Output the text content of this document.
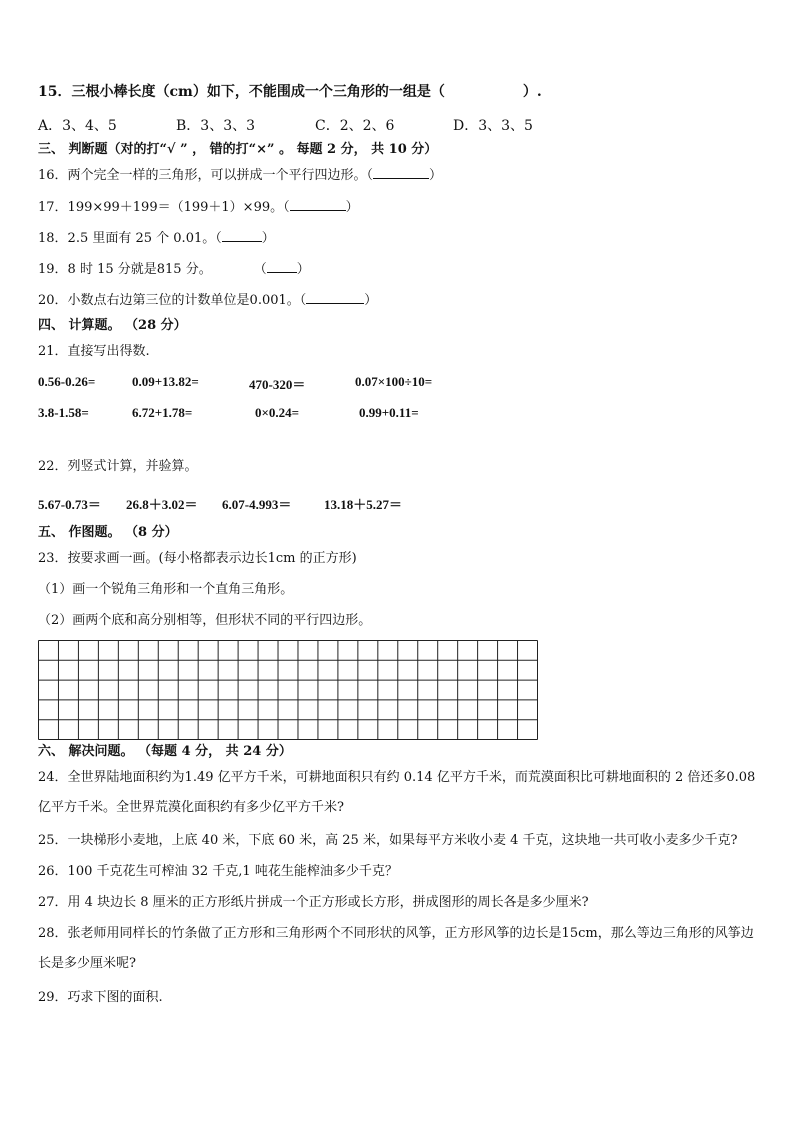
15．三根小棒长度（cm）如下，不能围成一个三角形的一组是（	）.
A．3、4、5	B．3、3、3	C．2、2、6	D．3、3、5
三、 判断题（对的打“√ ” ， 错的打“×” 。 每题 2 分， 共 10 分）
16．两个完全一样的三角形，可以拼成一个平行四边形。（	）
17．199×99＋199＝（199＋1）×99。（	）
18．2.5 里面有 25 个 0.01。（	）
19．8 时 15 分就是815 分。	（ ）
20．小数点右边第三位的计数单位是0.001。（	）
四、 计算题。 （28 分）
21．直接写出得数.
0.56-0.26=	0.09+13.82=	470-320＝	0.07×100÷10=
3.8-1.58=	6.72+1.78=	0×0.24=	0.99+0.11=
22．列竖式计算，并验算。
5.67-0.73＝ 26.8＋3.02＝ 6.07-4.993＝	13.18＋5.27＝
五、 作图题。 （8 分）
23．按要求画一画。(每小格都表示边长1cm 的正方形)
（1）画一个锐角三角形和一个直角三角形。
（2）画两个底和高分别相等，但形状不同的平行四边形。
六、 解决问题。 （每题 4 分， 共 24 分）
24．全世界陆地面积约为1.49 亿平方千米，可耕地面积只有约 0.14 亿平方千米，而荒漠面积比可耕地面积的 2 倍还多0.08 亿平方千米。全世界荒漠化面积约有多少亿平方千米?
25．一块梯形小麦地，上底 40 米，下底 60 米，高 25 米，如果每平方米收小麦 4 千克，这块地一共可收小麦多少千克?
26．100 千克花生可榨油 32 千克,1 吨花生能榨油多少千克？
27．用 4 块边长 8 厘米的正方形纸片拼成一个正方形或长方形，拼成图形的周长各是多少厘米?
28．张老师用同样长的竹条做了正方形和三角形两个不同形状的风筝，正方形风筝的边长是15cm，那么等边三角形的风筝边长是多少厘米呢?
29．巧求下图的面积.
